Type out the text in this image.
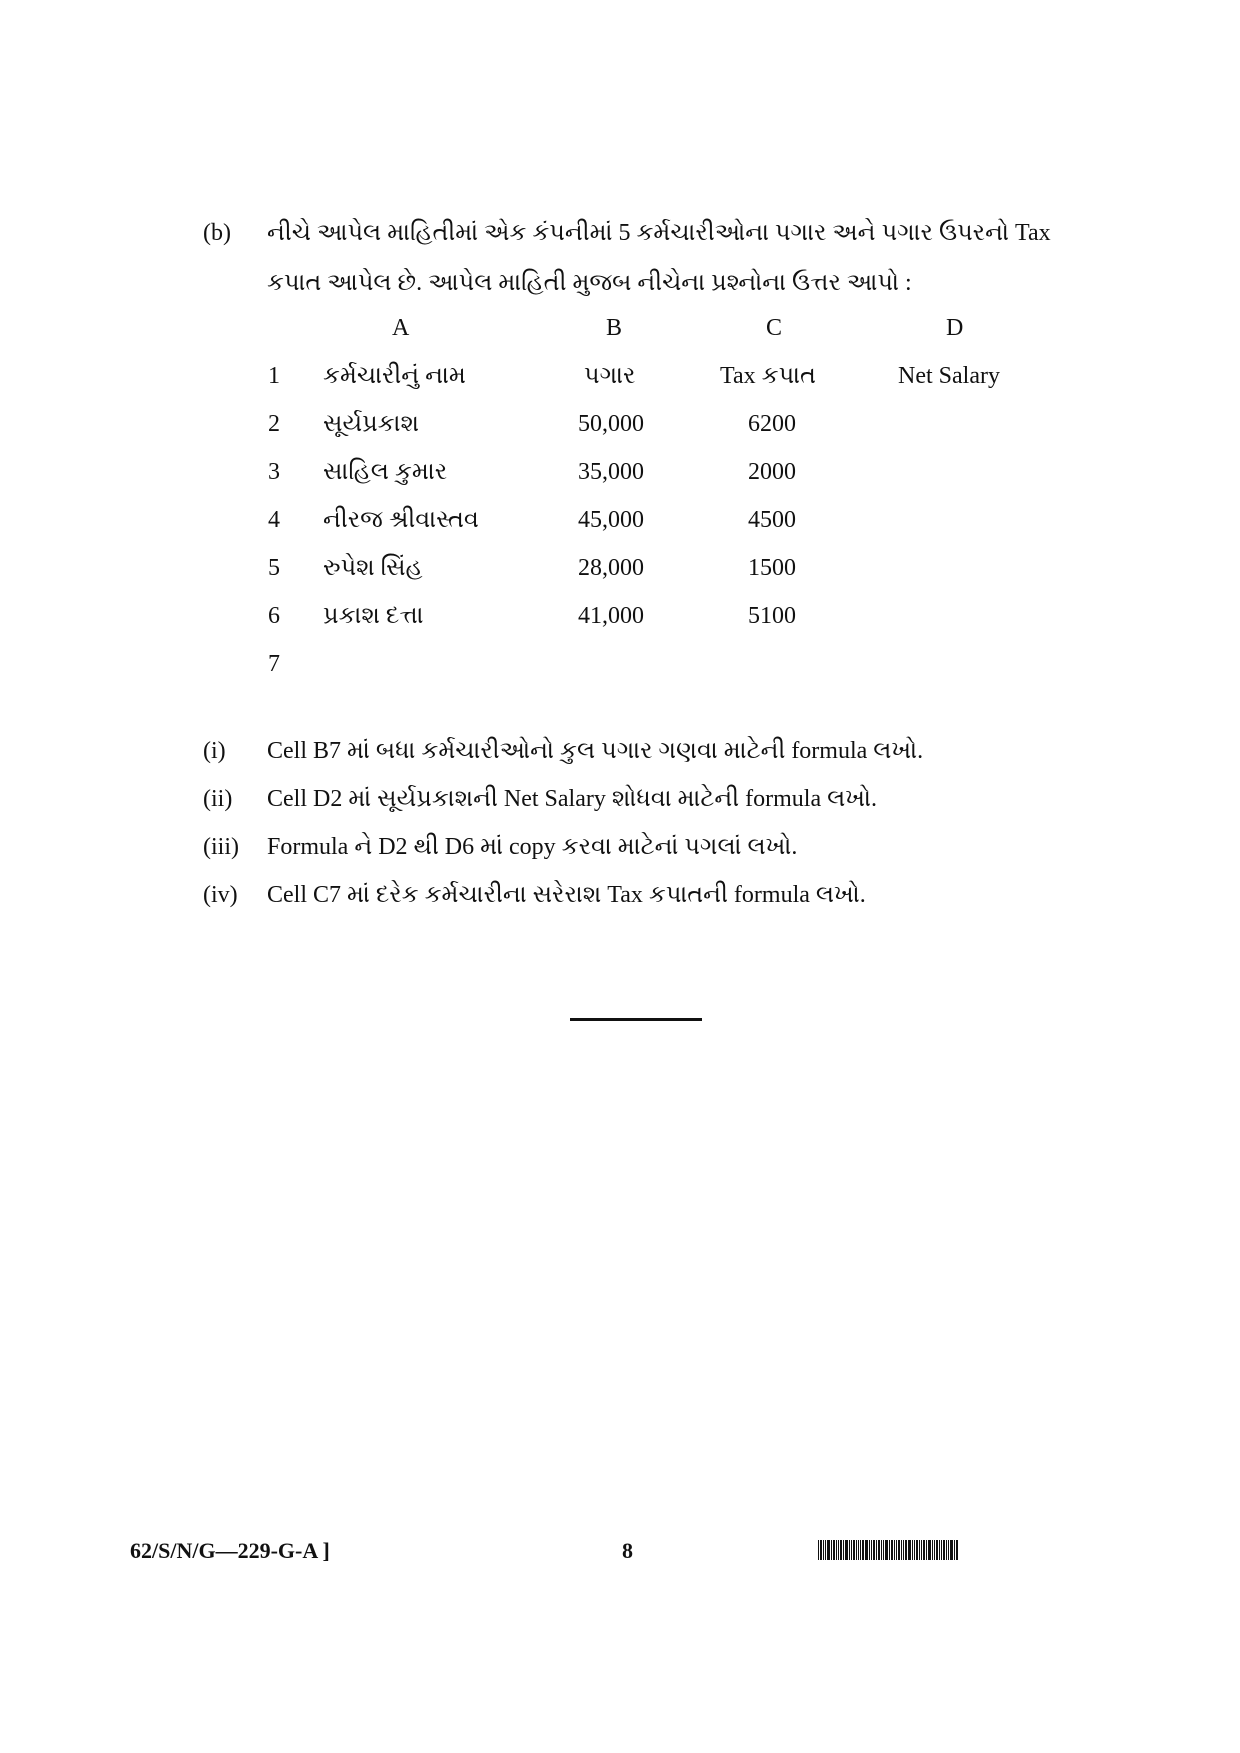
(b) નીચે આપેલ માહિતીમાં એક કંપનીમાં 5 કર્મચારીઓના પગાર અને પગાર ઉપરનો Tax
કપાત આપેલ છે. આપેલ માહિતી મુજબ નીચેના પ્રશ્નોના ઉત્તર આપો :
A	B	C	D
1 કર્મચારીનું નામ	પગાર	Tax કપાત	Net Salary
2 સૂર્યપ્રકાશ	50,000	6200
3 સાહિલ કુમાર	35,000	2000
4 નીરજ શ્રીવાસ્તવ	45,000	4500
5 રુપેશ સિંહ	28,000	1500
6 પ્રકાશ દત્તા	41,000	5100
7
(i) Cell B7 માં બધા કર્મચારીઓનો કુલ પગાર ગણવા માટેની formula લખો.
(ii) Cell D2 માં સૂર્યપ્રકાશની Net Salary શોધવા માટેની formula લખો.
(iii) Formula ને D2 થી D6 માં copy કરવા માટેનાં પગલાં લખો.
(iv) Cell C7 માં દરેક કર્મચારીના સરેરાશ Tax કપાતની formula લખો.
62/S/N/G—229-G-A ]	8
